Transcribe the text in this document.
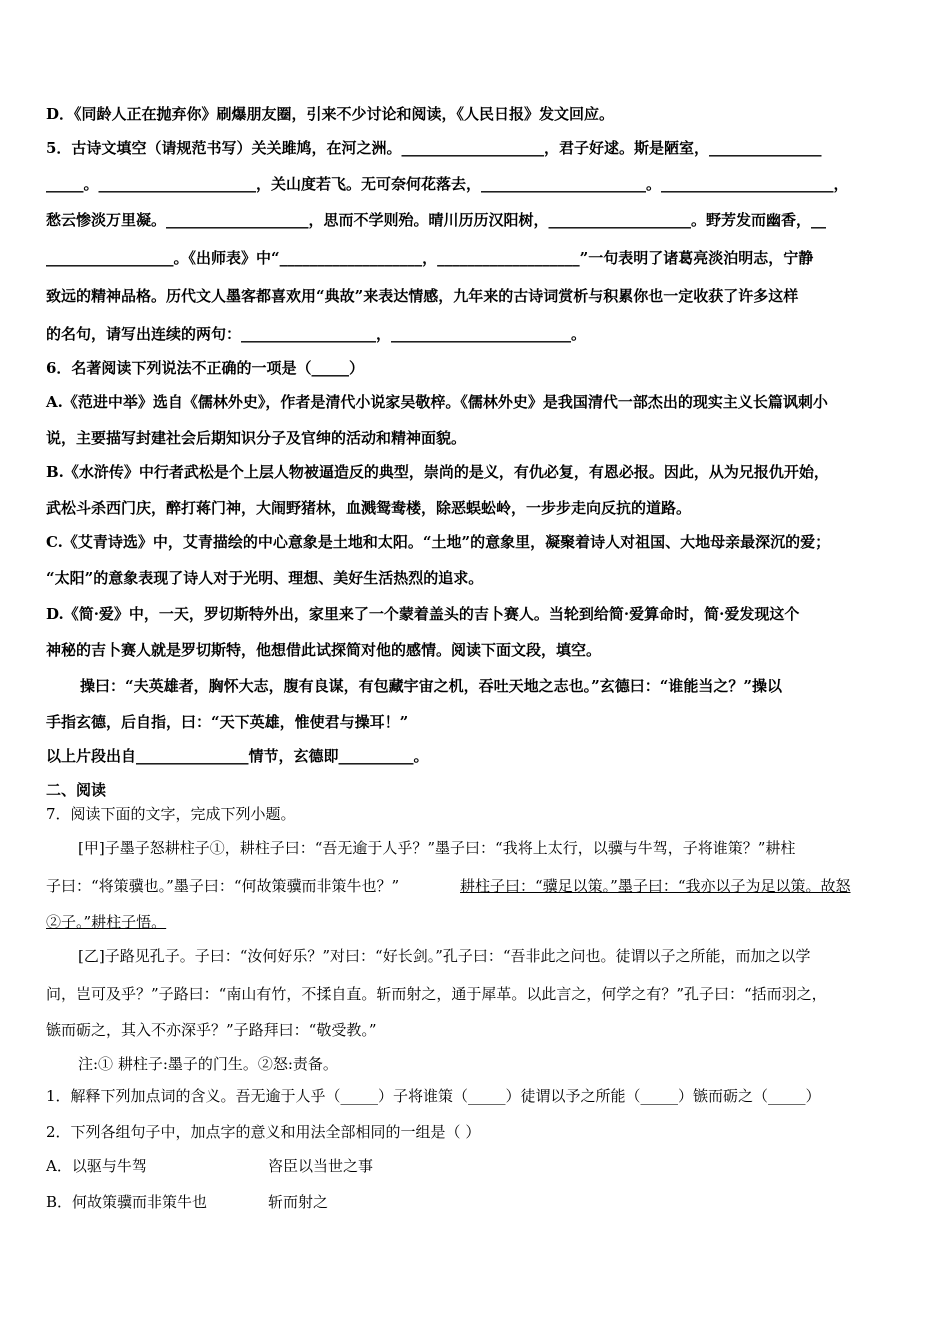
D．《同龄人正在抛弃你》刷爆朋友圈，引来不少讨论和阅读，《人民日报》发文回应。
5．古诗文填空（请规范书写）关关雎鸠，在河之洲。___________________，君子好逑。斯是陋室，_______________
_____。_____________________，关山度若飞。无可奈何花落去，______________________。_______________________，
愁云惨淡万里凝。___________________，思而不学则殆。晴川历历汉阳树，___________________。野芳发而幽香，__
_________________。《出师表》中“___________________，___________________”一句表明了诸葛亮淡泊明志，宁静
致远的精神品格。历代文人墨客都喜欢用“典故”来表达情感，九年来的古诗词赏析与积累你也一定收获了许多这样
的名句，请写出连续的两句：__________________，________________________。
6．名著阅读下列说法不正确的一项是（_____）
A.《范进中举》选自《儒林外史》，作者是清代小说家吴敬梓。《儒林外史》是我国清代一部杰出的现实主义长篇讽刺小
说，主要描写封建社会后期知识分子及官绅的活动和精神面貌。
B.《水浒传》中行者武松是个上层人物被逼造反的典型，崇尚的是义，有仇必复，有恩必报。因此，从为兄报仇开始，
武松斗杀西门庆，醉打蒋门神，大闹野猪林，血溅鸳鸯楼，除恶蜈蚣岭，一步步走向反抗的道路。
C.《艾青诗选》中，艾青描绘的中心意象是土地和太阳。“土地”的意象里，凝聚着诗人对祖国、大地母亲最深沉的爱；
“太阳”的意象表现了诗人对于光明、理想、美好生活热烈的追求。
D.《简·爱》中，一天，罗切斯特外出，家里来了一个蒙着盖头的吉卜赛人。当轮到给简·爱算命时，简·爱发现这个
神秘的吉卜赛人就是罗切斯特，他想借此试探简对他的感情。阅读下面文段，填空。
操曰：“夫英雄者，胸怀大志，腹有良谋，有包藏宇宙之机，吞吐天地之志也。”玄德曰：“谁能当之？”操以
手指玄德，后自指，曰：“天下英雄，惟使君与操耳！”
以上片段出自_______________情节，玄德即__________。
二、阅读
7．阅读下面的文字，完成下列小题。
[甲]子墨子怒耕柱子①，耕柱子曰：“吾无逾于人乎？”墨子曰：“我将上太行，以骥与牛驾，子将谁策？”耕柱
子曰：“将策骥也。”墨子曰：“何故策骥而非策牛也？”	耕柱子曰：“骥足以策。”墨子曰：“我亦以子为足以策。故怒
②子。”耕柱子悟。
[乙]子路见孔子。子曰：“汝何好乐？”对曰：“好长剑。”孔子曰：“吾非此之问也。徒谓以子之所能，而加之以学
问，岂可及乎？”子路曰：“南山有竹，不揉自直。斩而射之，通于犀革。以此言之，何学之有？”孔子曰：“括而羽之，
镞而砺之，其入不亦深乎？”子路拜曰：“敬受教。”
注:① 耕柱子:墨子的门生。②怒:责备。
1．解释下列加点词的含义。吾无逾于人乎（_____）子将谁策（_____）徒谓以予之所能（_____）镞而砺之（_____）
2．下列各组句子中，加点字的意义和用法全部相同的一组是（ ）
A．以驱与牛驾	咨臣以当世之事
B．何故策骥而非策牛也	斩而射之
